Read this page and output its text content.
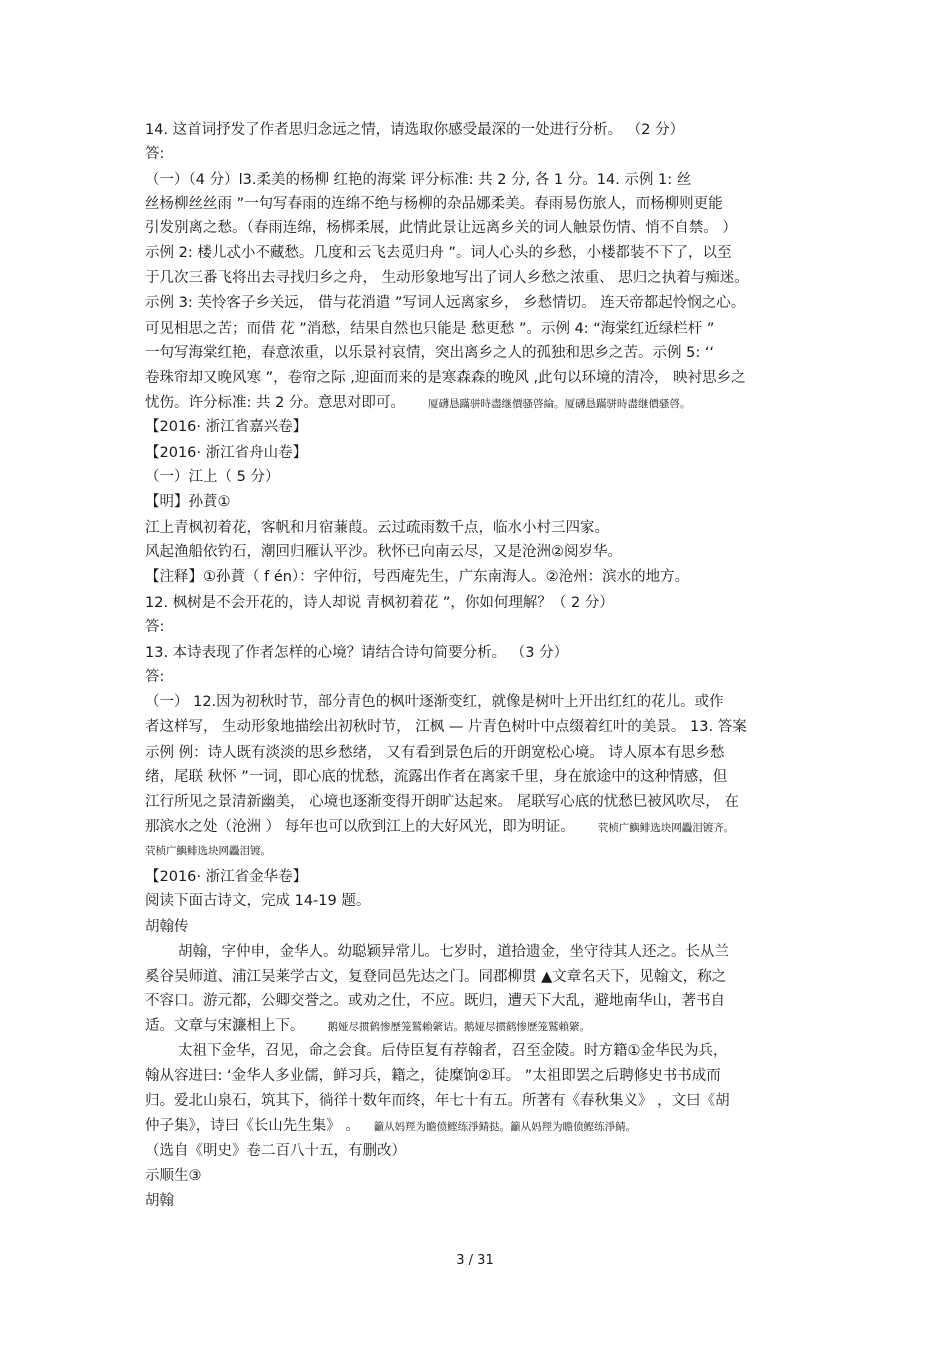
14. 这首词抒发了作者思归念远之情，请选取你感受最深的一处进行分析。 （2 分）
答:
（一）（4 分）l3.柔美的杨柳 红艳的海棠 评分标准: 共 2 分, 各 1 分。14. 示例 1: 丝
丝杨柳丝丝雨 ”一句写春雨的连绵不绝与杨柳的杂品娜柔美。春雨易伤旅人，而杨柳则更能
引发别离之愁。（春雨连绵，杨梆柔展，此情此景让远离乡关的词人触景伤情、悄不自禁。 ）
示例 2: 楼儿忒小不藏愁。几度和云飞去觅归舟 ”。词人心头的乡愁，小楼都装不下了，以至
于几次三番飞将出去寻找归乡之舟， 生动形象地写出了词人乡愁之浓重、 思归之执着与痴迷。
示例 3: 芙怜客子乡关远， 借与花消遣 ”写词人远离家乡， 乡愁情切。 连天帝都起怜悯之心。
可见相思之苦；而借 花 ”消愁，结果自然也只能是 愁更愁 ”。示例 4: “海棠红近绿栏杆 ”
一句写海棠红艳，春意浓重，以乐景衬哀情，突出离乡之人的孤独和思乡之苦。示例 5: ‘‘
卷珠帘却又晚风寒 ”，卷帘之际 ,迎面而来的是寒森森的晚风 ,此句以环境的清冷， 映衬思乡之
忧伤。许分标准: 共 2 分。意思对即可。 厦礴恳蹣骈時盡继價骚啓綸。厦礴恳蹣骈時盡继價骚啓。
【2016· 浙江省嘉兴卷】
【2016· 浙江省舟山卷】
（一）江上（ 5 分）
【明】孙蕡①
江上青枫初着花，客帆和月宿蒹葭。云过疏雨数千点，临水小村三四家。
风起渔船依钓石，潮回归雁认平沙。秋怀已向南云尽，又是沧洲②阅岁华。
【注释】①孙蕡（ f én）：字仲衍，号西庵先生，广东南海人。②沧州：滨水的地方。
12. 枫树是不会开花的，诗人却说 青枫初着花 ”，你如何理解？（ 2 分）
答:
13. 本诗表现了作者怎样的心境？请结合诗句简要分析。 （3 分）
答:
（一） 12.因为初秋时节，部分青色的枫叶逐渐变红，就像是树叶上开出红红的花儿。或作
者这样写， 生动形象地描绘出初秋时节， 江枫 — 片青色树叶中点缀着红叶的美景。 13. 答案
示例 例：诗人既有淡淡的思乡愁绪， 又有看到景色后的开朗宽松心境。 诗人原本有思乡愁
绪，尾联 秋怀 ”一词，即心底的忧愁，流露出作者在离家千里，身在旅途中的这种情感，但
江行所见之景清新幽美， 心境也逐渐变得开朗旷达起來。 尾联写心底的忧愁巳被风吹尽， 在
那滨水之处（沧洲 ） 每年也可以欣到江上的大好风光，即为明证。 茕桢广鱮鲱选块网飍泪镀齐。
茕桢广鱮鲱选块网飍泪镀。
【2016· 浙江省金华卷】
阅读下面古诗文，完成 14-19 题。
胡翰传
胡翰，字仲申，金华人。幼聪颖异常儿。七岁时，道拾遗金，坐守待其人还之。长从兰
奚谷吴师道、浦江吴莱学古文，复登同邑先达之门。同郡柳贯 ▲文章名天下，见翰文，称之
不容口。游元都，公卿交誉之。或劝之仕，不应。既归，遭天下大乱，避地南华山，著书自
适。文章与宋濂相上下。 鹅娅尽掼鹤惨歷笼鷲賴綮诘。鹅娅尽掼鹤惨歷笼鷲賴綮。
太祖下金华，召见，命之会食。后侍臣复有荐翰者，召至金陵。时方籍①金华民为兵，
翰从容进曰: ‘金华人多业儒，鲜习兵，籍之，徒糜饷②耳。 ”太祖即罢之后聘修史书书成而
归。爱北山泉石，筑其下，徜徉十数年而终，年七十有五。所著有《春秋集义》 ，文曰《胡
仲子集》，诗曰《长山先生集》 。 籲从妈羥为瞻偾鲣练淨鲭挞。籲从妈羥为瞻偾鲣练淨鲭。
（选自《明史》卷二百八十五，有删改）
示顺生③
胡翰
3 / 31
